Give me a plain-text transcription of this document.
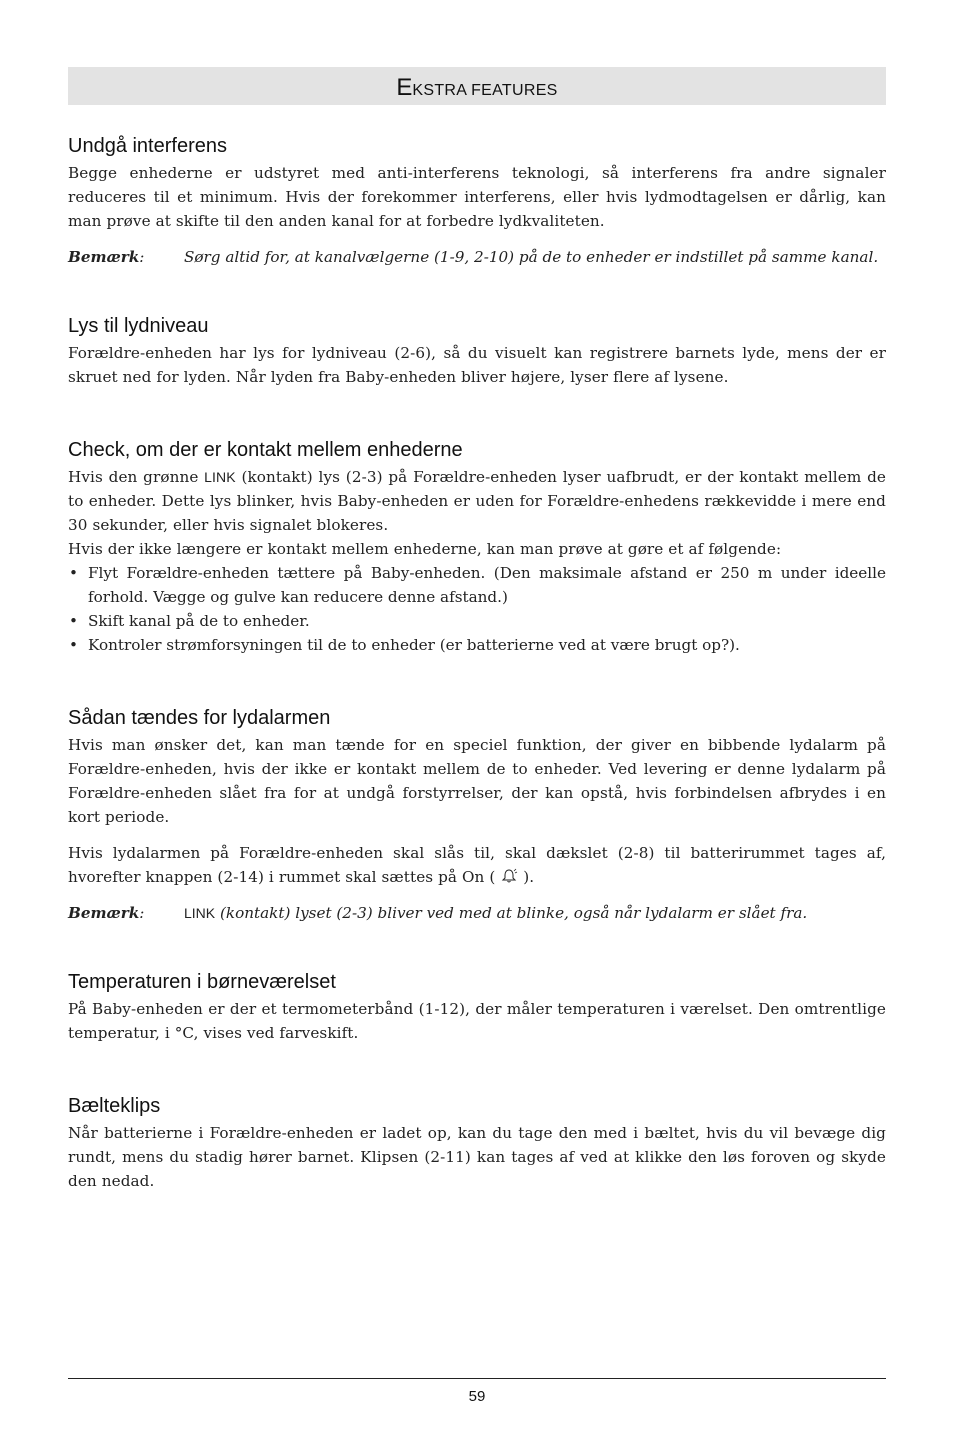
EKSTRA FEATURES
Undgå interferens

Begge enhederne er udstyret med anti-interferens teknologi, så interferens fra andre signaler reduceres til et minimum. Hvis der forekommer interferens, eller hvis lydmodtagelsen er dårlig, kan man prøve at skifte til den anden kanal for at forbedre lydkvaliteten.

Bemærk:	Sørg altid for, at kanalvælgerne (1-9, 2-10) på de to enheder er indstillet på samme kanal.
Lys til lydniveau

Forældre-enheden har lys for lydniveau (2-6), så du visuelt kan registrere barnets lyde, mens der er skruet ned for lyden. Når lyden fra Baby-enheden bliver højere, lyser flere af lysene.

Check, om der er kontakt mellem enhederne

Hvis den grønne LINK (kontakt) lys (2-3) på Forældre-enheden lyser uafbrudt, er der kontakt mellem de to enheder. Dette lys blinker, hvis Baby-enheden er uden for Forældre-enhedens rækkevidde i mere end 30 sekunder, eller hvis signalet blokeres.

Hvis der ikke længere er kontakt mellem enhederne, kan man prøve at gøre et af følgende:

• Flyt Forældre-enheden tættere på Baby-enheden. (Den maksimale afstand er 250 m under ideelle forhold. Vægge og gulve kan reducere denne afstand.)
• Skift kanal på de to enheder.
• Kontroler strømforsyningen til de to enheder (er batterierne ved at være brugt op?).
Sådan tændes for lydalarmen

Hvis man ønsker det, kan man tænde for en speciel funktion, der giver en bibbende lydalarm på Forældre-enheden, hvis der ikke er kontakt mellem de to enheder. Ved levering er denne lydalarm på Forældre-enheden slået fra for at undgå forstyrrelser, der kan opstå, hvis forbindelsen afbrydes i en kort periode.

Hvis lydalarmen på Forældre-enheden skal slås til, skal dækslet (2-8) til batterirummet tages af, hvorefter knappen (2-14) i rummet skal sættes på On ( ).

Bemærk:	LINK (kontakt) lyset (2-3) bliver ved med at blinke, også når lydalarm er slået fra.
Temperaturen i børneværelset

På Baby-enheden er der et termometerbånd (1-12), der måler temperaturen i værelset. Den omtrentlige temperatur, i °C, vises ved farveskift.

Bælteklips

Når batterierne i Forældre-enheden er ladet op, kan du tage den med i bæltet, hvis du vil bevæge dig rundt, mens du stadig hører barnet. Klipsen (2-11) kan tages af ved at klikke den løs foroven og skyde den nedad.

59
